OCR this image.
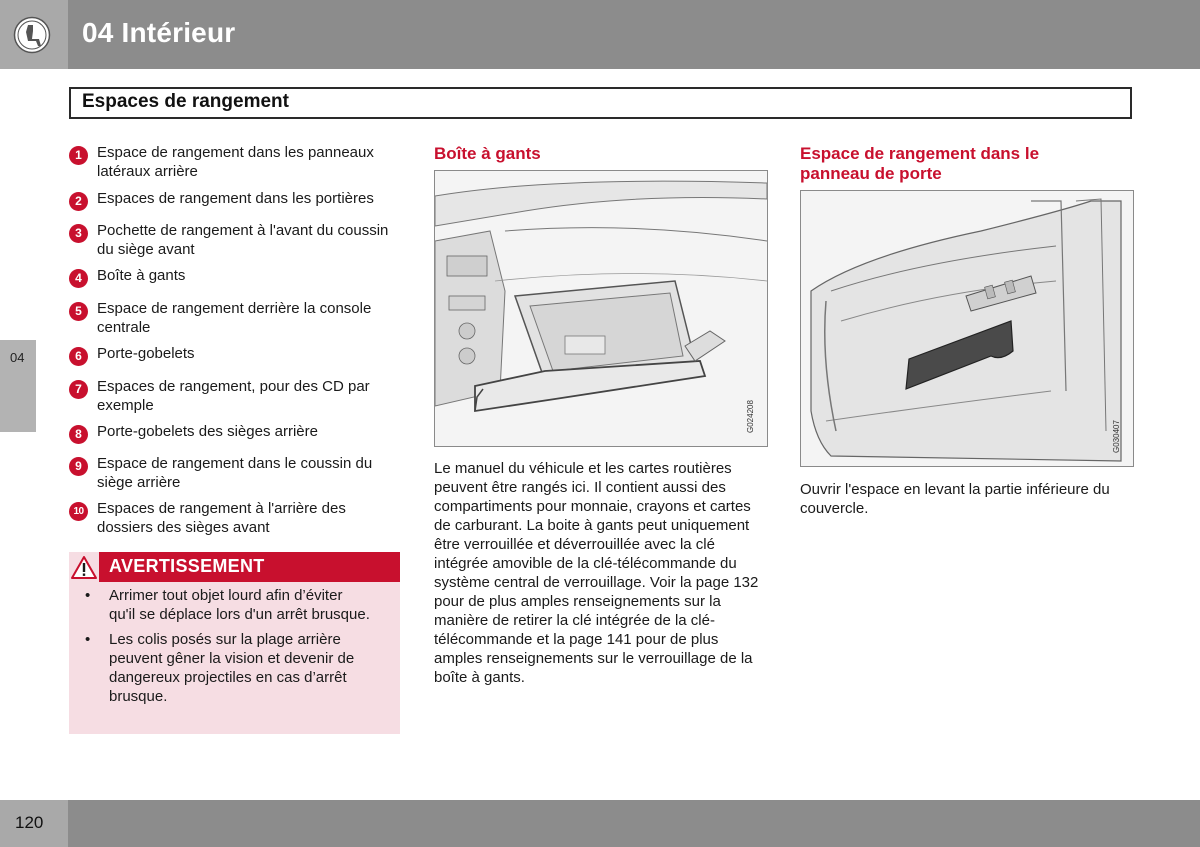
04 Intérieur
Espaces de rangement
04
1	Espace de rangement dans les panneaux latéraux arrière
2	Espaces de rangement dans les portières
3	Pochette de rangement à l'avant du coussin du siège avant
4	Boîte à gants
5	Espace de rangement derrière la console centrale
6	Porte-gobelets
7	Espaces de rangement, pour des CD par exemple
8	Porte-gobelets des sièges arrière
9	Espace de rangement dans le coussin du siège arrière
10 Espaces de rangement à l'arrière des dossiers des sièges avant
AVERTISSEMENT
• Arrimer tout objet lourd afin d’éviter qu'il se déplace lors d'un arrêt brusque.
• Les colis posés sur la plage arrière peuvent gêner la vision et devenir de dangereux projectiles en cas d’arrêt brusque.
Boîte à gants
G024208
Le manuel du véhicule et les cartes routières peuvent être rangés ici. Il contient aussi des compartiments pour monnaie, crayons et cartes de carburant. La boite à gants peut uniquement être verrouillée et déverrouillée avec la clé intégrée amovible de la clé-télécommande du système central de verrouillage. Voir la page 132 pour de plus amples renseignements sur la manière de retirer la clé intégrée de la clé-télécommande et la page 141 pour de plus amples renseignements sur le verrouillage de la boîte à gants.
Espace de rangement dans le panneau de porte
G030407
Ouvrir l'espace en levant la partie inférieure du couvercle.
120
